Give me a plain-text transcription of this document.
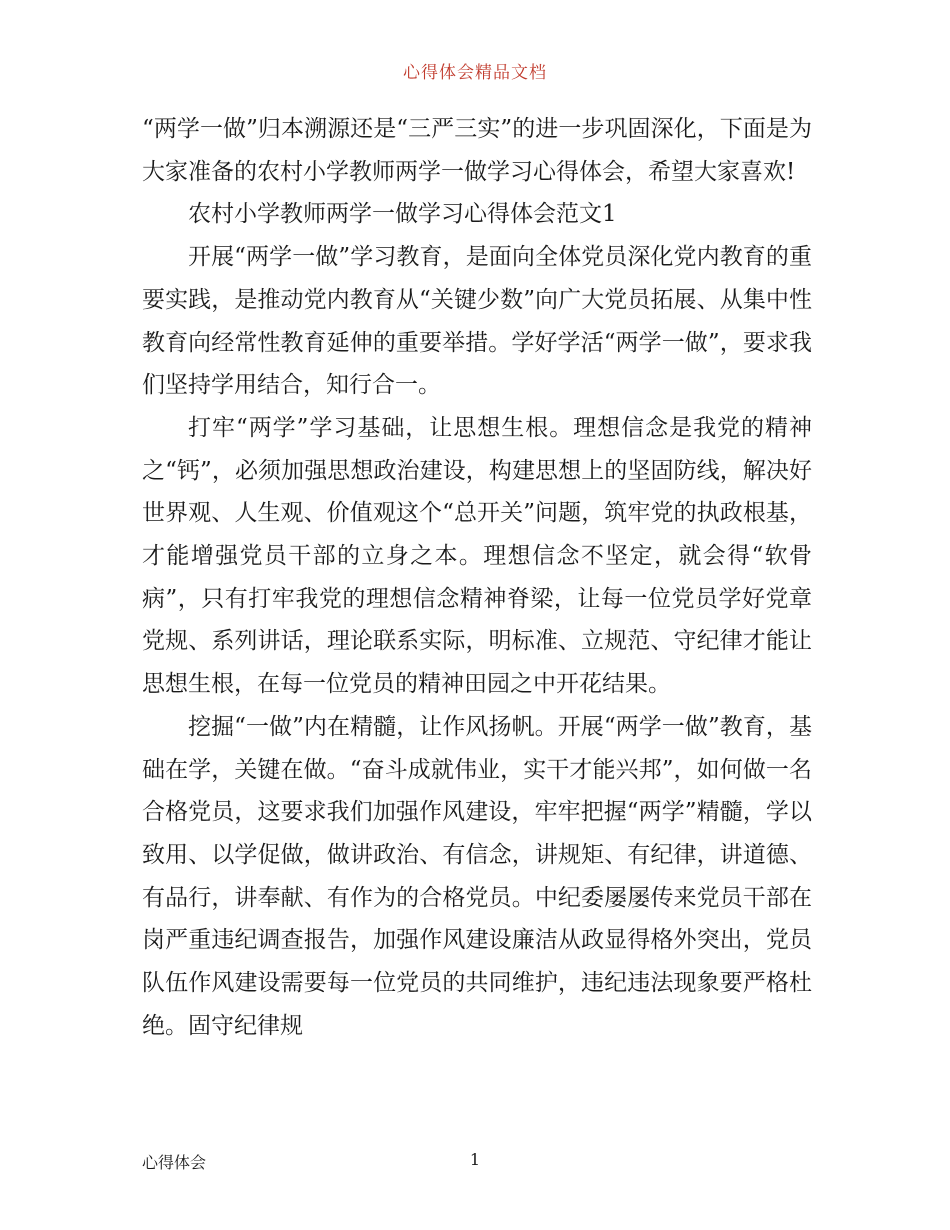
心得体会精品文档

“两学一做”归本溯源还是“三严三实”的进一步巩固深化，下面是为大家准备的农村小学教师两学一做学习心得体会，希望大家喜欢!

农村小学教师两学一做学习心得体会范文1

开展“两学一做”学习教育，是面向全体党员深化党内教育的重要实践，是推动党内教育从“关键少数”向广大党员拓展、从集中性教育向经常性教育延伸的重要举措。学好学活“两学一做”，要求我们坚持学用结合，知行合一。

打牢“两学”学习基础，让思想生根。理想信念是我党的精神之“钙”，必须加强思想政治建设，构建思想上的坚固防线，解决好世界观、人生观、价值观这个“总开关”问题，筑牢党的执政根基，才能增强党员干部的立身之本。理想信念不坚定，就会得“软骨病”，只有打牢我党的理想信念精神脊梁，让每一位党员学好党章党规、系列讲话，理论联系实际，明标准、立规范、守纪律才能让思想生根，在每一位党员的精神田园之中开花结果。

挖掘“一做”内在精髓，让作风扬帆。开展“两学一做”教育，基础在学，关键在做。“奋斗成就伟业，实干才能兴邦”，如何做一名合格党员，这要求我们加强作风建设，牢牢把握“两学”精髓，学以致用、以学促做，做讲政治、有信念，讲规矩、有纪律，讲道德、有品行，讲奉献、有作为的合格党员。中纪委屡屡传来党员干部在岗严重违纪调查报告，加强作风建设廉洁从政显得格外突出，党员队伍作风建设需要每一位党员的共同维护，违纪违法现象要严格杜绝。固守纪律规

心得体会	1
